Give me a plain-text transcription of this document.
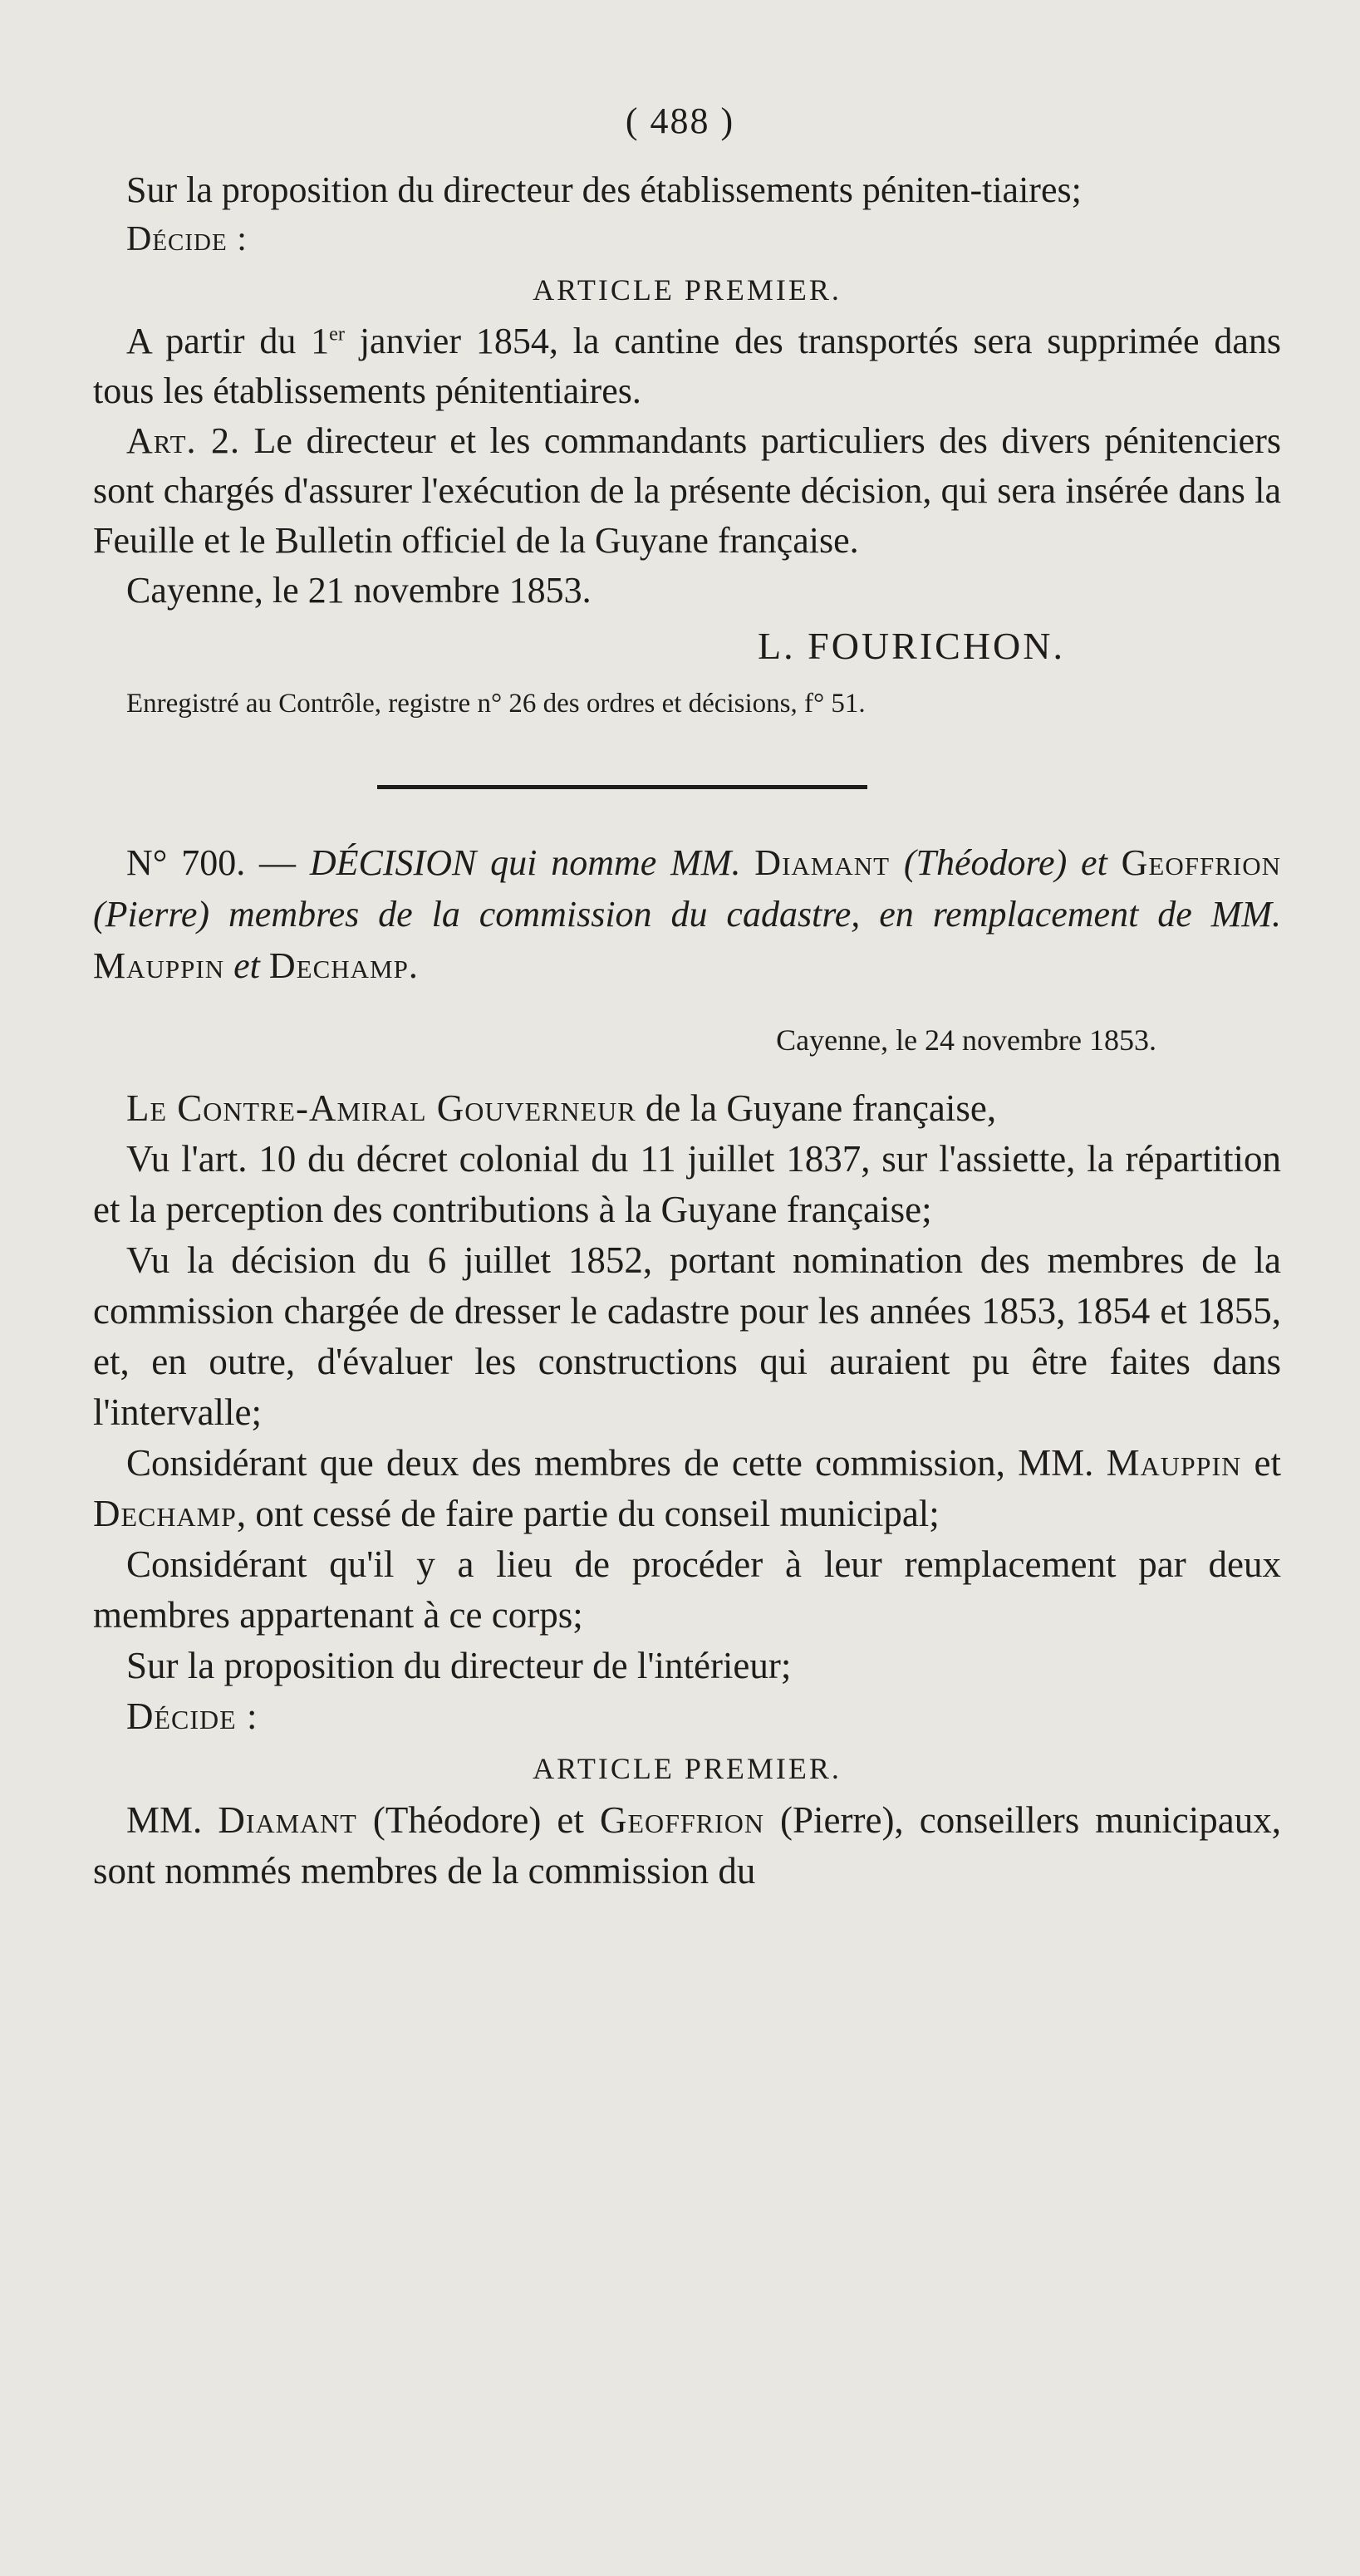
( 488 )

Sur la proposition du directeur des établissements péniten-tiaires;

Décide :

ARTICLE PREMIER.

A partir du 1er janvier 1854, la cantine des transportés sera supprimée dans tous les établissements pénitentiaires.

Art. 2. Le directeur et les commandants particuliers des divers pénitenciers sont chargés d'assurer l'exécution de la présente décision, qui sera insérée dans la Feuille et le Bulletin officiel de la Guyane française.

Cayenne, le 21 novembre 1853.

L. FOURICHON.

Enregistré au Contrôle, registre n° 26 des ordres et décisions, f° 51.

N° 700. — DÉCISION qui nomme MM. Diamant (Théodore) et Geoffrion (Pierre) membres de la commission du cadastre, en remplacement de MM. Mauppin et Dechamp.

Cayenne, le 24 novembre 1853.

Le Contre-Amiral Gouverneur de la Guyane française,

Vu l'art. 10 du décret colonial du 11 juillet 1837, sur l'assiette, la répartition et la perception des contributions à la Guyane française;

Vu la décision du 6 juillet 1852, portant nomination des membres de la commission chargée de dresser le cadastre pour les années 1853, 1854 et 1855, et, en outre, d'évaluer les constructions qui auraient pu être faites dans l'intervalle;

Considérant que deux des membres de cette commission, MM. Mauppin et Dechamp, ont cessé de faire partie du conseil municipal;

Considérant qu'il y a lieu de procéder à leur remplacement par deux membres appartenant à ce corps;

Sur la proposition du directeur de l'intérieur;

Décide :

ARTICLE PREMIER.

MM. Diamant (Théodore) et Geoffrion (Pierre), conseillers municipaux, sont nommés membres de la commission du
